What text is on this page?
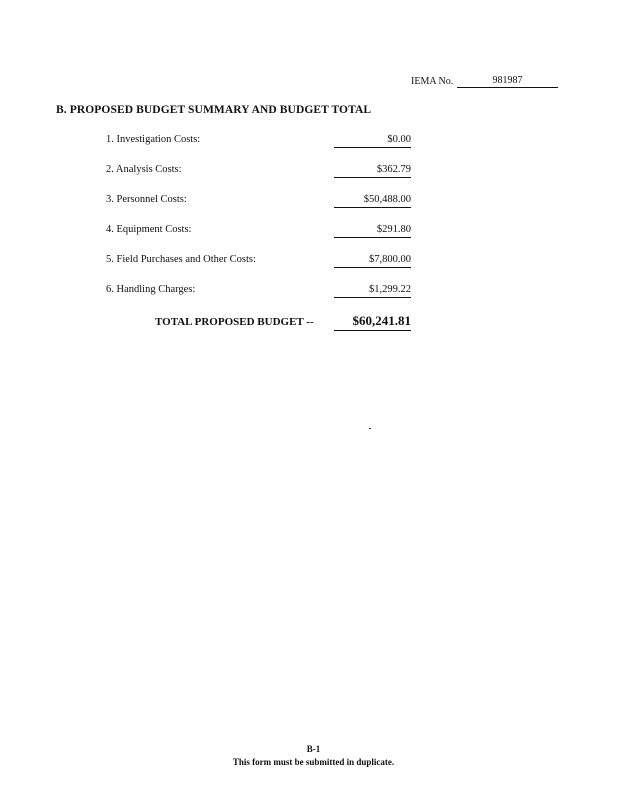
IEMA No.	981987
B. PROPOSED BUDGET SUMMARY AND BUDGET TOTAL
1. Investigation Costs:	$0.00
2. Analysis Costs:	$362.79
3. Personnel Costs:	$50,488.00
4. Equipment Costs:	$291.80
5. Field Purchases and Other Costs:	$7,800.00
6. Handling Charges:	$1,299.22
TOTAL PROPOSED BUDGET --	$60,241.81
B-1
This form must be submitted in duplicate.
